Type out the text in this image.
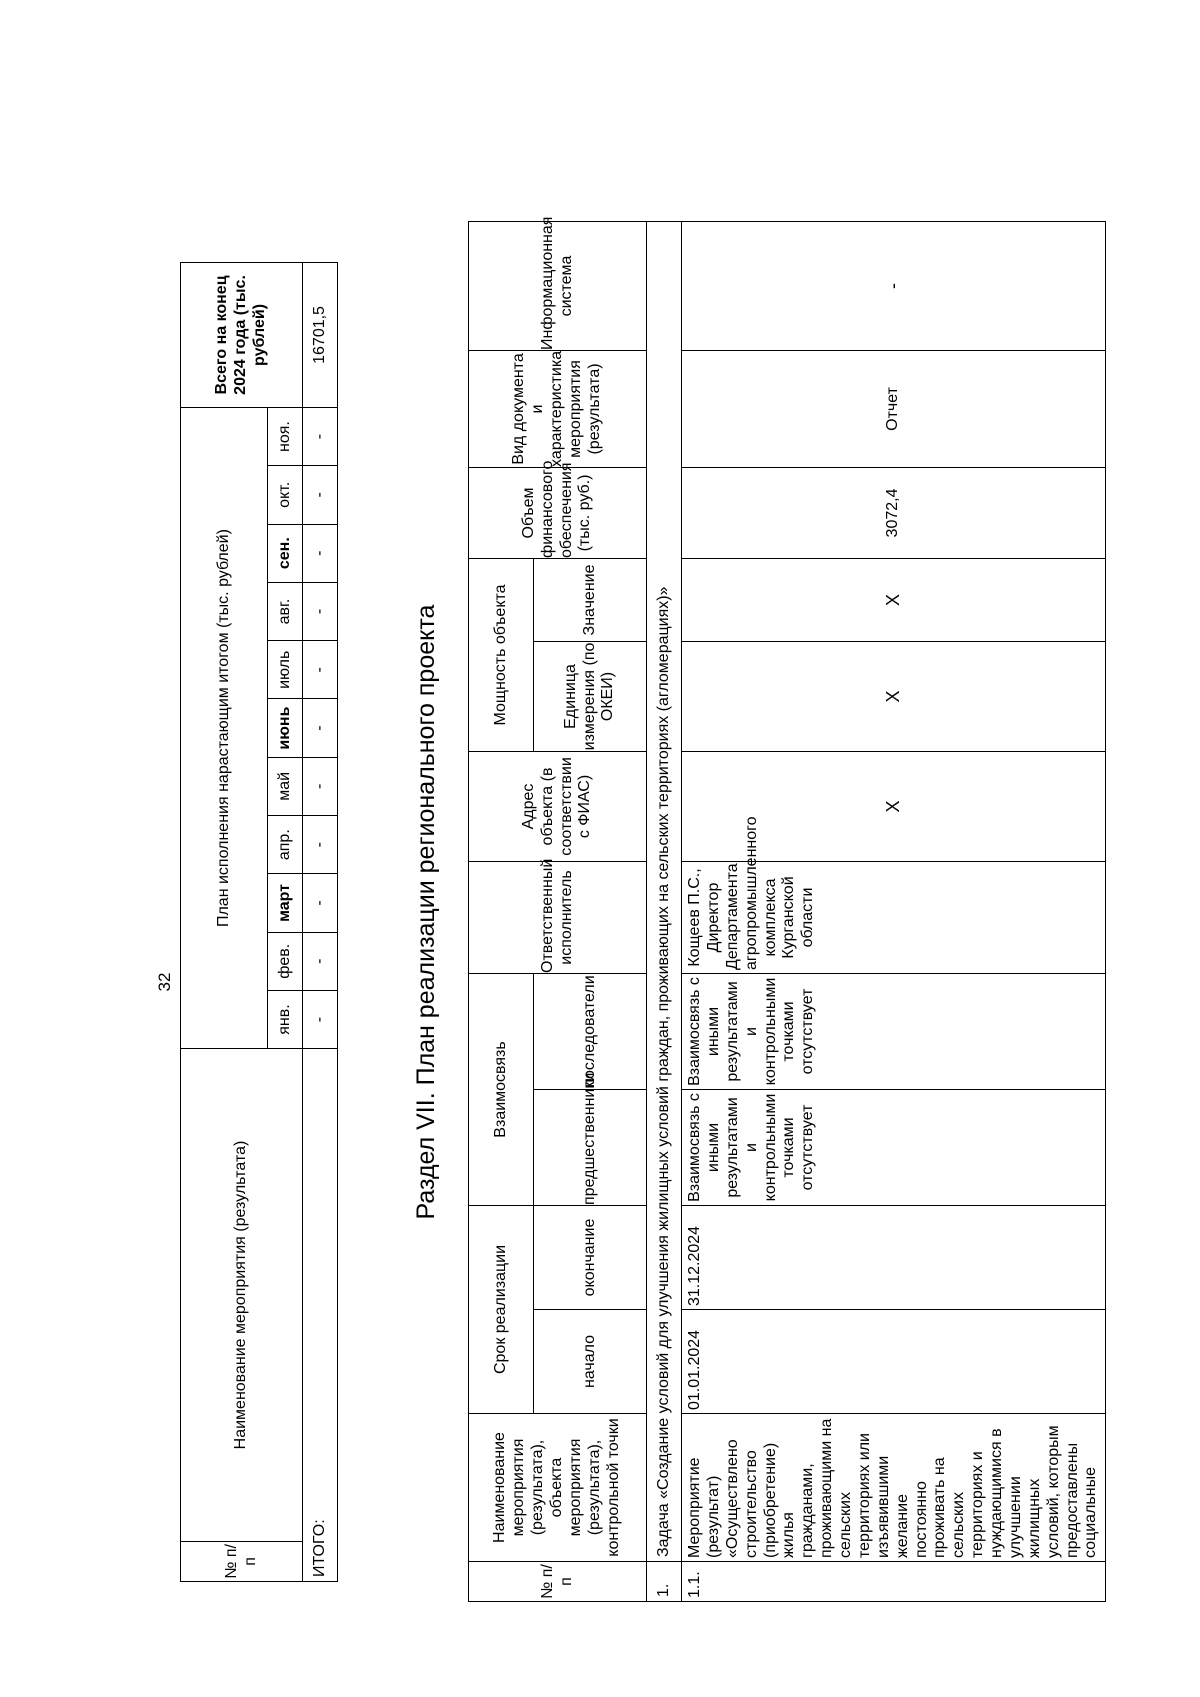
32
№ п/п	Наименование мероприятия (результата)	План исполнения нарастающим итогом (тыс. рублей)											Всего на конец 2024 года (тыс. рублей)
		янв.	фев.	март	апр.	май	июнь	июль	авг.	сен.	окт.	ноя.	
ИТОГО:		-	-	-	-	-	-	-	-	-	-	-	16701,5
Раздел VII. План реализации регионального проекта
№ п/п	Наименование мероприятия (результата), объекта мероприятия (результата), контрольной точки	Срок реализации		Взаимосвязь		Ответственный исполнитель	Адрес объекта (в соответствии с ФИАС)	Мощность объекта		Объем финансового обеспечения (тыс. руб.)	Вид документа и характеристика мероприятия (результата)	Информационная система
		начало	окончание	предшественники	последователи			Единица измерения (по ОКЕИ)	Значение			
1.	Задача «Создание условий для улучшения жилищных условий граждан, проживающих на сельских территориях (агломерациях)»											
1.1.	Мероприятие (результат) «Осуществлено строительство (приобретение) жилья гражданами, проживающими на сельских территориях или изъявившими желание постоянно проживать на сельских территориях и нуждающимися в улучшении жилищных условий, которым предоставлены социальные	01.01.2024	31.12.2024	Взаимосвязь с иными результатами и контрольными точками отсутствует	Взаимосвязь с иными результатами и контрольными точками отсутствует	Кощеев П.С., Директор Департамента агропромышленного комплекса Курганской области	X	X	X	3072,4	Отчет	-
